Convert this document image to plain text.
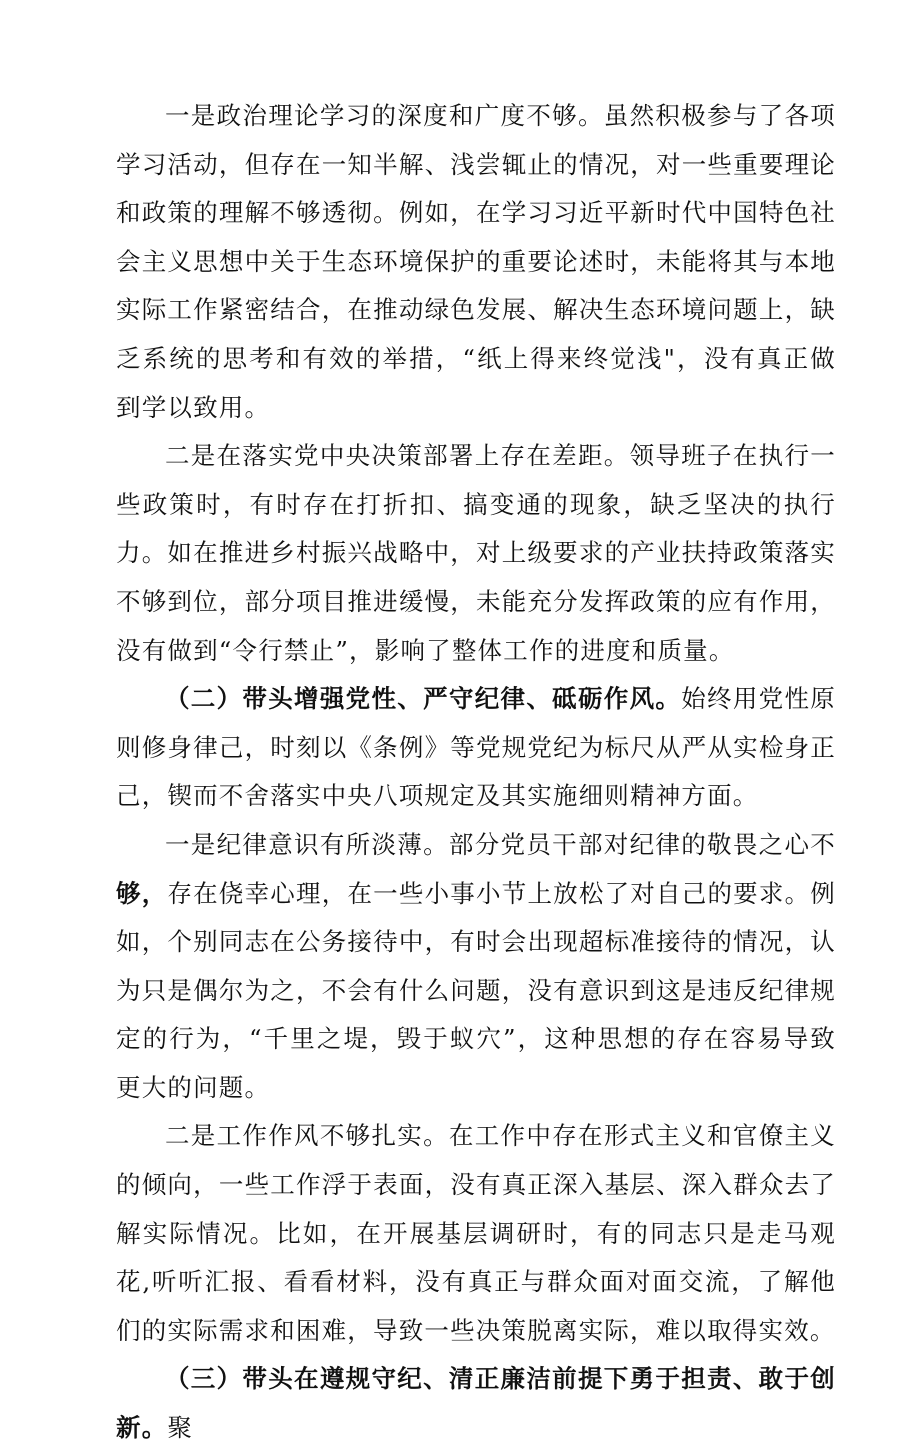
一是政治理论学习的深度和广度不够。虽然积极参与了各项学习活动，但存在一知半解、浅尝辄止的情况，对一些重要理论和政策的理解不够透彻。例如，在学习习近平新时代中国特色社会主义思想中关于生态环境保护的重要论述时，未能将其与本地实际工作紧密结合，在推动绿色发展、解决生态环境问题上，缺乏系统的思考和有效的举措，“纸上得来终觉浅"，没有真正做到学以致用。

二是在落实党中央决策部署上存在差距。领导班子在执行一些政策时，有时存在打折扣、搞变通的现象，缺乏坚决的执行力。如在推进乡村振兴战略中，对上级要求的产业扶持政策落实不够到位，部分项目推进缓慢，未能充分发挥政策的应有作用，没有做到“令行禁止”，影响了整体工作的进度和质量。

（二）带头增强党性、严守纪律、砥砺作风。始终用党性原则修身律己，时刻以《条例》等党规党纪为标尺从严从实检身正己，锲而不舍落实中央八项规定及其实施细则精神方面。

一是纪律意识有所淡薄。部分党员干部对纪律的敬畏之心不够，存在侥幸心理，在一些小事小节上放松了对自己的要求。例如，个别同志在公务接待中，有时会出现超标准接待的情况，认为只是偶尔为之，不会有什么问题，没有意识到这是违反纪律规定的行为，“千里之堤，毁于蚁穴”，这种思想的存在容易导致更大的问题。

二是工作作风不够扎实。在工作中存在形式主义和官僚主义的倾向，一些工作浮于表面，没有真正深入基层、深入群众去了解实际情况。比如，在开展基层调研时，有的同志只是走马观花,听听汇报、看看材料，没有真正与群众面对面交流，了解他们的实际需求和困难，导致一些决策脱离实际，难以取得实效。

（三）带头在遵规守纪、清正廉洁前提下勇于担责、敢于创新。聚
